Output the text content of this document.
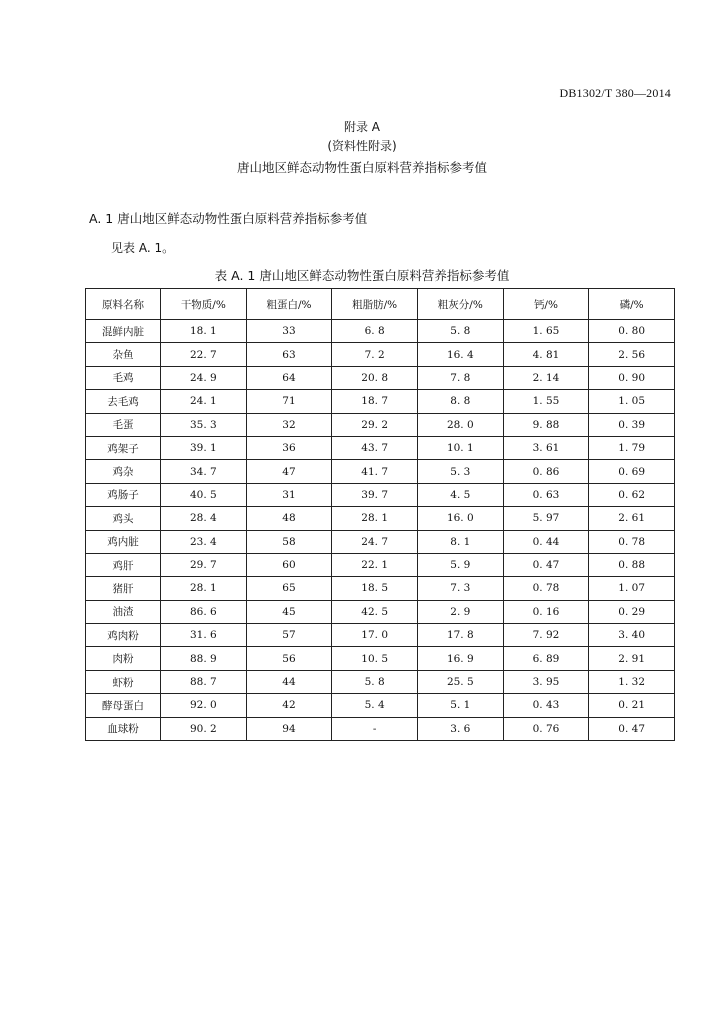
DB1302/T 380—2014
附录 A
(资料性附录)
唐山地区鲜态动物性蛋白原料营养指标参考值
A. 1 唐山地区鲜态动物性蛋白原料营养指标参考值
见表 A. 1。
表 A. 1 唐山地区鲜态动物性蛋白原料营养指标参考值
原料名称	干物质/%	粗蛋白/%	粗脂肪/%	粗灰分/%	钙/%	磷/%
混鲜内脏	18. 1	33	6. 8	5. 8	1. 65	0. 80
杂鱼	22. 7	63	7. 2	16. 4	4. 81	2. 56
毛鸡	24. 9	64	20. 8	7. 8	2. 14	0. 90
去毛鸡	24. 1	71	18. 7	8. 8	1. 55	1. 05
毛蛋	35. 3	32	29. 2	28. 0	9. 88	0. 39
鸡架子	39. 1	36	43. 7	10. 1	3. 61	1. 79
鸡杂	34. 7	47	41. 7	5. 3	0. 86	0. 69
鸡肠子	40. 5	31	39. 7	4. 5	0. 63	0. 62
鸡头	28. 4	48	28. 1	16. 0	5. 97	2. 61
鸡内脏	23. 4	58	24. 7	8. 1	0. 44	0. 78
鸡肝	29. 7	60	22. 1	5. 9	0. 47	0. 88
猪肝	28. 1	65	18. 5	7. 3	0. 78	1. 07
油渣	86. 6	45	42. 5	2. 9	0. 16	0. 29
鸡肉粉	31. 6	57	17. 0	17. 8	7. 92	3. 40
肉粉	88. 9	56	10. 5	16. 9	6. 89	2. 91
虾粉	88. 7	44	5. 8	25. 5	3. 95	1. 32
酵母蛋白	92. 0	42	5. 4	5. 1	0. 43	0. 21
血球粉	90. 2	94	-	3. 6	0. 76	0. 47
